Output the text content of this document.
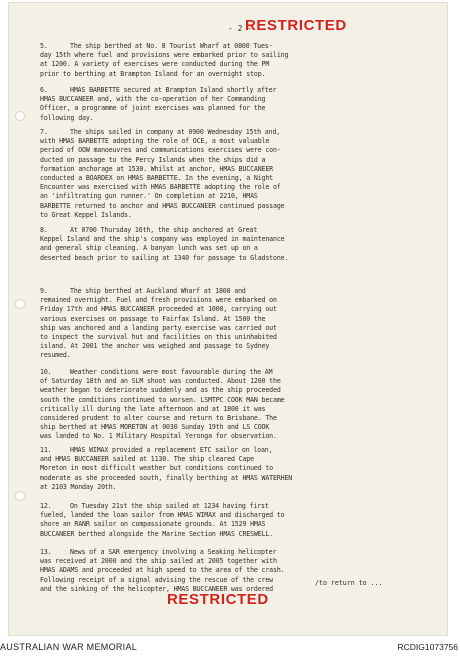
- 2 -
RESTRICTED
5.	The ship berthed at No. 8 Tourist Wharf at 0800 Tues-
day 15th where fuel and provisions were embarked prior to sailing
at 1200. A variety of exercises were conducted during the PM
prior to berthing at Brampton Island for an overnight stop.
6.	HMAS BARBETTE secured at Brampton Island shortly after
HMAS BUCCANEER and, with the co-operation of her Commanding
Officer, a programme of joint exercises was planned for the
following day.
7.	The ships sailed in company at 0900 Wednesday 15th and,
with HMAS BARBETTE adopting the role of OCE, a most valuable
period of OOW manoeuvres and communications exercises were con-
ducted on passage to the Percy Islands when the ships did a
formation anchorage at 1530. Whilst at anchor, HMAS BUCCANEER
conducted a BOARDEX on HMAS BARBETTE. In the evening, a Night
Encounter was exercised with HMAS BARBETTE adopting the role of
an 'infiltrating gun runner.' On completion at 2210, HMAS
BARBETTE returned to anchor and HMAS BUCCANEER continued passage
to Great Keppel Islands.
8.	At 0700 Thursday 16th, the ship anchored at Great
Keppel Island and the ship's company was employed in maintenance
and general ship cleaning. A banyan lunch was set up on a
deserted beach prior to sailing at 1340 for passage to Gladstone.
9.	The ship berthed at Auckland Wharf at 1800 and
remained overnight. Fuel and fresh provisions were embarked on
Friday 17th and HMAS BUCCANEER proceeded at 1000, carrying out
various exercises on passage to Fairfax Island. At 1500 the
ship was anchored and a landing party exercise was carried out
to inspect the survival hut and facilities on this uninhabited
island. At 2001 the anchor was weighed and passage to Sydney
resumed.
10.	Weather conditions were most favourable during the AM
of Saturday 18th and an SLM shoot was conducted. About 1200 the
weather began to deteriorate suddenly and as the ship proceeded
south the conditions continued to worsen. LSMTPC COOK MAN became
critically ill during the late afternoon and at 1800 it was
considered prudent to alter course and return to Brisbane. The
ship berthed at HMAS MORETON at 0030 Sunday 19th and LS COOK
was landed to No. 1 Military Hospital Yeronga for observation.
11.	HMAS WIMAX provided a replacement ETC sailor on loan,
and HMAS BUCCANEER sailed at 1130. The ship cleared Cape
Moreton in most difficult weather but conditions continued to
moderate as she proceeded south, finally berthing at HMAS WATERHEN
at 2103 Monday 20th.
12.	On Tuesday 21st the ship sailed at 1234 having first
fueled, landed the loan sailor from HMAS WIMAX and discharged to
shore an RANR sailor on compassionate grounds. At 1529 HMAS
BUCCANEER berthed alongside the Marine Section HMAS CRESWELL.
13.	News of a SAR emergency involving a Seaking helicopter
was received at 2000 and the ship sailed at 2005 together with
HMAS ADAMS and proceeded at high speed to the area of the crash.
Following receipt of a signal advising the rescue of the crew
and the sinking of the helicopter, HMAS BUCCANEER was ordered
/to return to ...
RESTRICTED
AUSTRALIAN WAR MEMORIAL	RCDIG1073756
